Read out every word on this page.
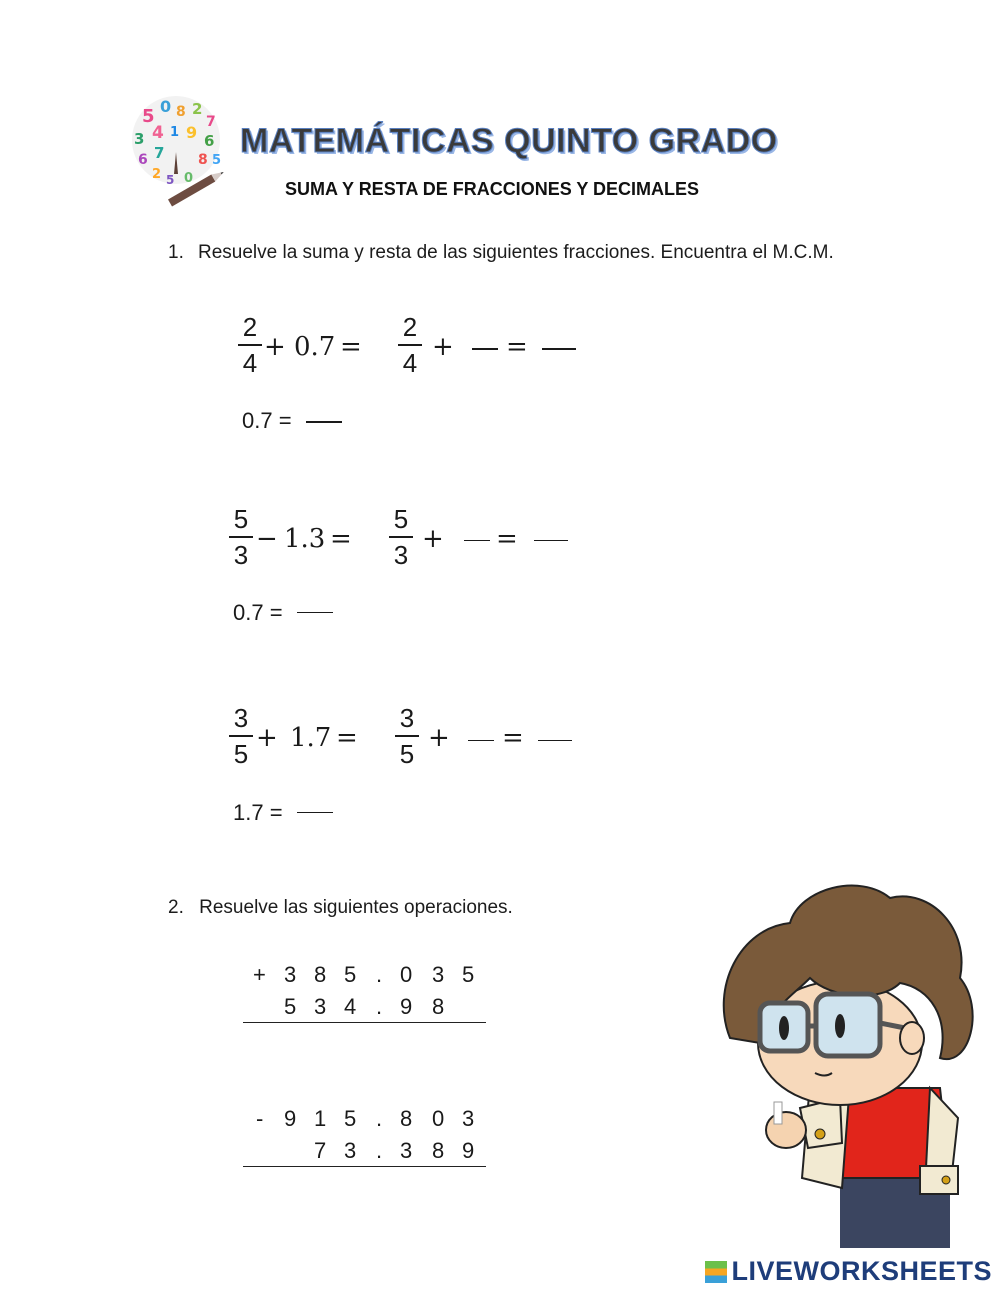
5 0 8 2
7
3 4 1 9 6
6 7 8 5
2 5 0
MATEMÁTICAS QUINTO GRADO
SUMA Y RESTA DE FRACCIONES Y DECIMALES
1. Resuelve la suma y resta de las siguientes fracciones. Encuentra el M.C.M.
2
4
+ 0.7 =
2
4
+ =
0.7 =
5
3
− 1.3 =
5
3
+ =
0.7 =
3
5
+ 1.7 =
3
5
+ =
1.7 =
2. Resuelve las siguientes operaciones.
+ 3 8 5 . 0 3 5
5 3 4 . 9 8
- 9 1 5 . 8 0 3
7 3 . 3 8 9
LIVEWORKSHEETS
